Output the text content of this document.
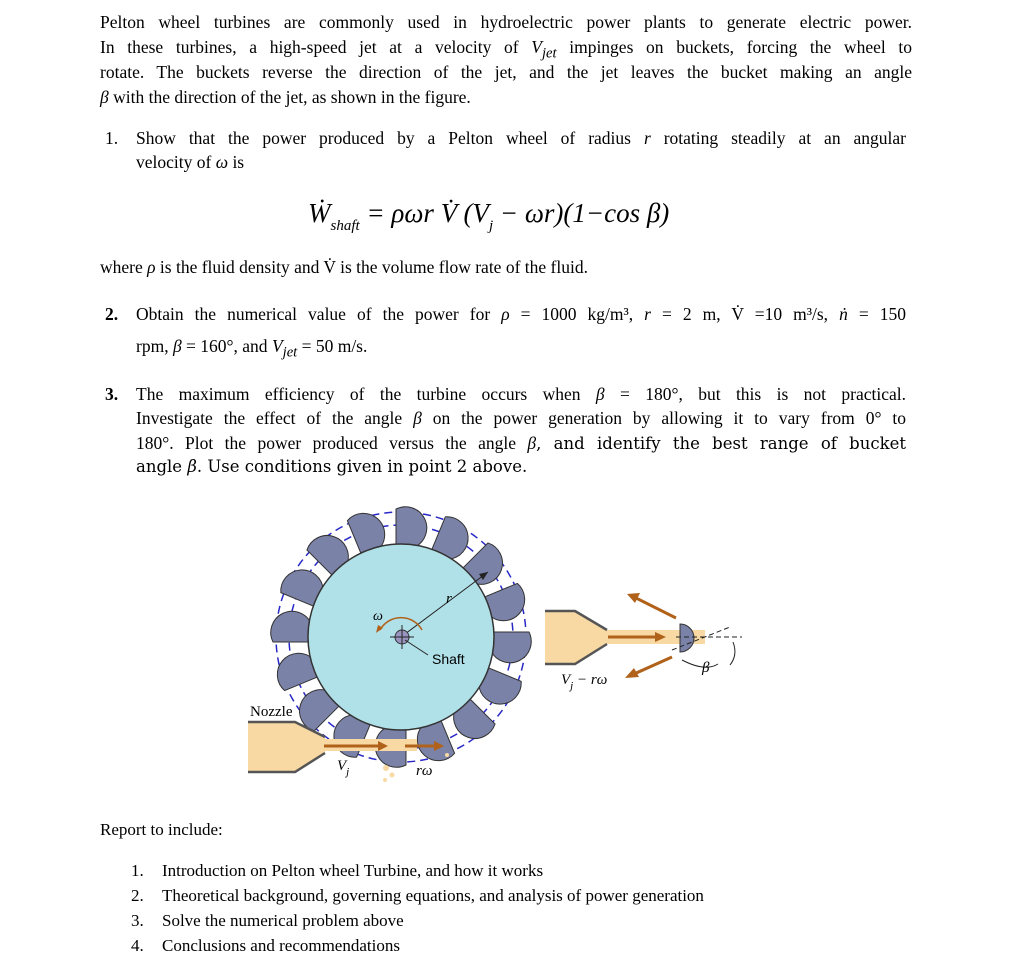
Pelton wheel turbines are commonly used in hydroelectric power plants to generate electric power.
In these turbines, a high-speed jet at a velocity of $V_{jet}$ impinges on buckets, forcing the wheel to
rotate. The buckets reverse the direction of the jet, and the jet leaves the bucket making an angle
β with the direction of the jet, as shown in the figure.
1. Show that the power produced by a Pelton wheel of radius r rotating steadily at an angular
velocity of ω is
Ẇ$_{shaft}$ = ρωr V̇ $(V_j - \omega r)(1-\cos$ β)
where ρ is the fluid density and V̇ is the volume flow rate of the fluid.
2. Obtain the numerical value of the power for ρ = 1000 kg/m³, r = 2 m, V̇ =10 m³/s, ṅ = 150
rpm, β = 160°, and $V_{jet} = 50$ m/s.
3. The maximum efficiency of the turbine occurs when β = 180°, but this is not practical.
Investigate the effect of the angle β on the power generation by allowing it to vary from 0° to
180°. Plot the power produced versus the angle β, and identify the best range of bucket
angle β. Use conditions given in point 2 above.
ω
r
Shaft
Nozzle
$V_j$	rω
$V_j - r\omega$
β
Report to include:
1. Introduction on Pelton wheel Turbine, and how it works
2. Theoretical background, governing equations, and analysis of power generation
3. Solve the numerical problem above
4. Conclusions and recommendations
